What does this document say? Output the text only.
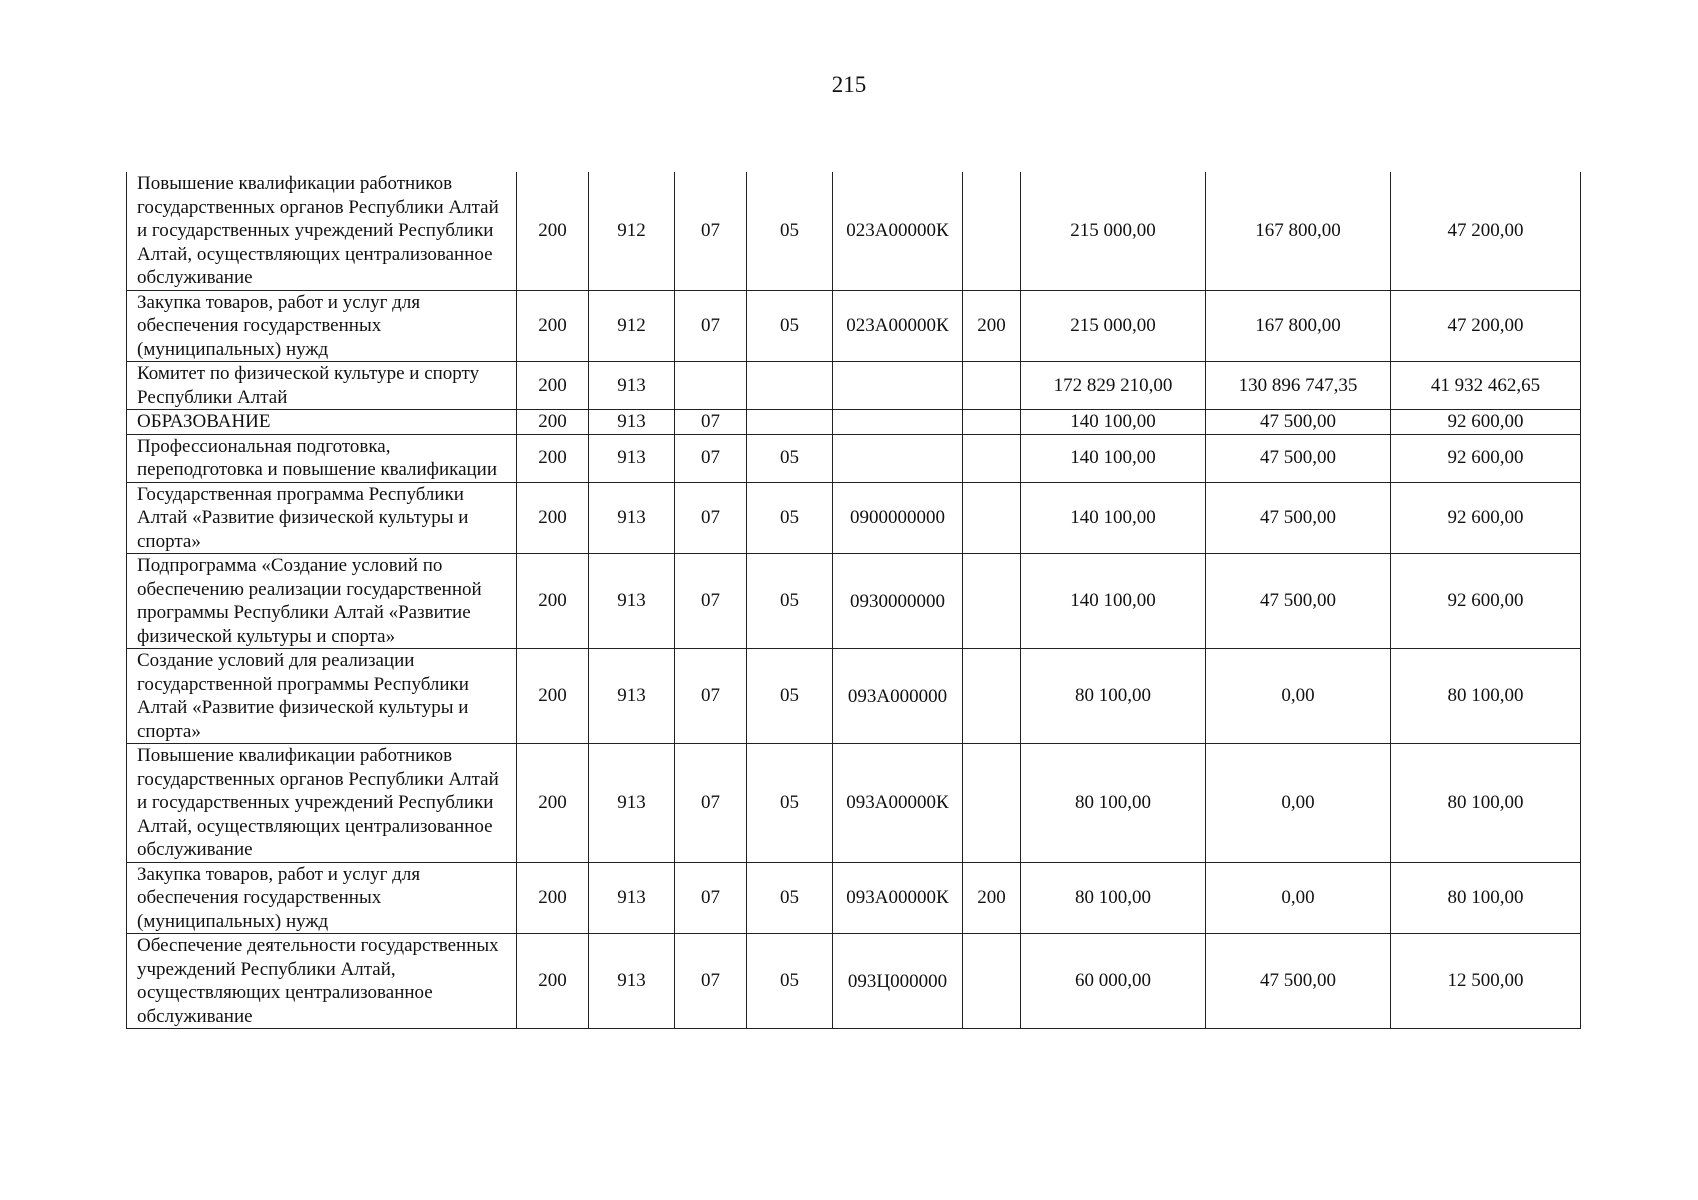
215
Повышение квалификации работников государственных органов Республики Алтай и государственных учреждений Республики Алтай, осуществляющих централизованное обслуживание	200	912	07	05	023А00000К		215 000,00	167 800,00	47 200,00
Закупка товаров, работ и услуг для обеспечения государственных (муниципальных) нужд	200	912	07	05	023А00000К	200	215 000,00	167 800,00	47 200,00
Комитет по физической культуре и спорту Республики Алтай	200	913					172 829 210,00	130 896 747,35	41 932 462,65
ОБРАЗОВАНИЕ	200	913	07				140 100,00	47 500,00	92 600,00
Профессиональная подготовка, переподготовка и повышение квалификации	200	913	07	05			140 100,00	47 500,00	92 600,00
Государственная программа Республики Алтай «Развитие физической культуры и спорта»	200	913	07	05	0900000000		140 100,00	47 500,00	92 600,00
Подпрограмма «Создание условий по обеспечению реализации государственной программы Республики Алтай «Развитие физической культуры и спорта»	200	913	07	05	0930000000		140 100,00	47 500,00	92 600,00
Создание условий для реализации государственной программы Республики Алтай «Развитие физической культуры и спорта»	200	913	07	05	093А000000		80 100,00	0,00	80 100,00
Повышение квалификации работников государственных органов Республики Алтай и государственных учреждений Республики Алтай, осуществляющих централизованное обслуживание	200	913	07	05	093А00000К		80 100,00	0,00	80 100,00
Закупка товаров, работ и услуг для обеспечения государственных (муниципальных) нужд	200	913	07	05	093А00000К	200	80 100,00	0,00	80 100,00
Обеспечение деятельности государственных учреждений Республики Алтай, осуществляющих централизованное обслуживание	200	913	07	05	093Ц000000		60 000,00	47 500,00	12 500,00
